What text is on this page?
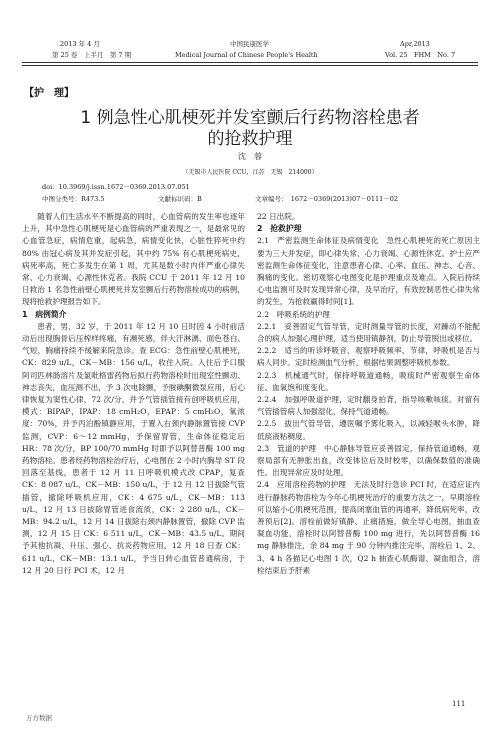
2013 年 4 月	中国民康医学	Apr,2013
第 25 卷　上半月　第 7 期	Medical Journal of Chinese People's Health	Vol. 25　FHM　No. 7
【护　理】
1 例急性心肌梗死并发室颤后行药物溶栓患者
的抢救护理
沈　蓉
（无锡市人民医院 CCU，江苏　无锡　214000）
doi：10.3969/j.issn.1672－0369.2013.07.051
中图分类号：R473.5	文献标识码：B	文章编号：　1672－0369(2013)07－0111－02

随着人们生活水平不断提高的同时，心血管病的发生率也逐年上升，其中急性心肌梗死是心血管病的严重表现之一，是最常见的心血管急症，病情危重，起病急，病情变化快，心脏性猝死中约 80% 由冠心病及其并发症引起，其中约 75% 有心肌梗死病史，病死率高，死亡多发生在第 1 周，尤其是数小时内伴严重心律失常、心力衰竭、心源性休克者。我院 CCU 于 2011 年 12 月 10 日救治 1 名急性前壁心肌梗死并发室颤后行药物溶栓成功的病例，现将抢救护理报告如下。

1　病例简介

患者，男，32 岁，于 2011 年 12 月 10 日时因 4 小时前活动后出现胸骨后压榨样疼痛，有濒死感，伴大汗淋漓、面色苍白、气短，胸痛持续不缓解来院急诊。查 ECG：急性前壁心肌梗死，CK：829 u/L，CK－MB：156 u/L，收住入院。入住后予口服阿司匹林肠溶片及氯吡格雷药物后拟行药物溶栓时出现室性颤动、神志丧失，血压测不出，予 3 次电除颤，予胺碘酮微泵应用，后心律恢复为窦性心律，72 次/分，并予气管插管接有创呼吸机应用，模式：BIPAP，IPAP：18 cmH₂O，EPAP：5 cmH₂O，氧浓度：70%，并予丙泊酚镇静应用，于置入右颈内静脉置管接 CVP 监测，CVP：6～12 mmHg，予保留胃管，生命体征稳定后 HR：78 次/分，BP 100/70 mmHg 时即予以阿替普酶 100 mg 药物溶栓。患者经药物溶栓治疗后，心电图在 2 小时内胸导 ST 段回落至基线，患者于 12 月 11 日呼吸机模式改 CPAP，复查 CK：8 087 u/L，CK－MB：150 u/L，于 12 月 12 日拔除气管插管，撤除呼吸机应用，CK：4 675 u/L，CK－MB：113 u/L，12 月 13 日拔除胃管进食流质，CK：2 280 u/L，CK－MB：94.2 u/L，12 月 14 日拔除右颈内静脉置管，撤除 CVP 监测，12 月 15 日 CK：6 511 u/L，CK－MB：43.5 u/L。期间予其他抗凝、升压、强心、抗炎药物应用，12 月 18 日查 CK：611 u/L，CK－MB：13.1 u/L，予当日转心血管普通病房，于 12 月 20 日行 PCI 术，12 月

22 日出院。

2　抢救护理

2.1　严密监测生命体征及病情变化　急性心肌梗死的死亡原因主要为三大并发症，即心律失常、心力衰竭、心源性休克。护士应严密监测生命体征变化，注意患者心律、心率、血压、神志、心音、胸痛的变化。密切观察心电图变化是护理重点及难点。入院后持续心电监测可及时发现异常心律，及早治疗，有效控制恶性心律失常的发生，为抢救赢得时间[1]。

2.2　呼吸系统的护理

2.2.1　妥善固定气管导管，定时测量导管的长度，对躁动不能配合的病人加强心理护理，适当使用镇静剂，防止导管脱出或移位。

2.2.2　适当的听诊呼吸音，观察呼吸频率、节律，呼吸机是否与病人同步。定时检测血气分析，根据结果调整呼吸机参数。

2.2.3　机械通气时，保持呼吸道通畅，吸痰时严密观察生命体征、血氧饱和度变化。

2.2.4　加强呼吸道护理，定时翻身拍背，指导咳嗽咳痰。对留有气管插管病人加强湿化，保持气道通畅。

2.2.5　拔出气管导管，遵医嘱予雾化吸入，以减轻喉头水肿，降低痰液粘稠度。

2.3　管道的护理　中心静脉导管应妥善固定，保持管道通畅，观察局部有无肿胀出血，改变体位后及时校零，以确保数值的准确性。出现异常应及时处理。

2.4　应用溶栓药物的护理　无法及时行急诊 PCI 时，在适应证内进行静脉药物溶栓为今年心肌梗死治疗的重要方法之一，早期溶栓可以缩小心肌梗死范围，提高闭塞血管的再通率，降低病死率，改善预后[2]。溶栓前做好镇静、止痛措施，做全导心电图，抽血查凝血功能，溶栓时以阿替普酶 100 mg 进行，先以阿替普酶 16 mg 静脉推注，余 84 mg 于 90 分钟内推注完毕，溶栓后 1、2、3、4 h 各描记心电图 1 次，Q2 h 抽查心肌酶谱、凝血组合，溶栓结束后予肝素

111
万方数据
